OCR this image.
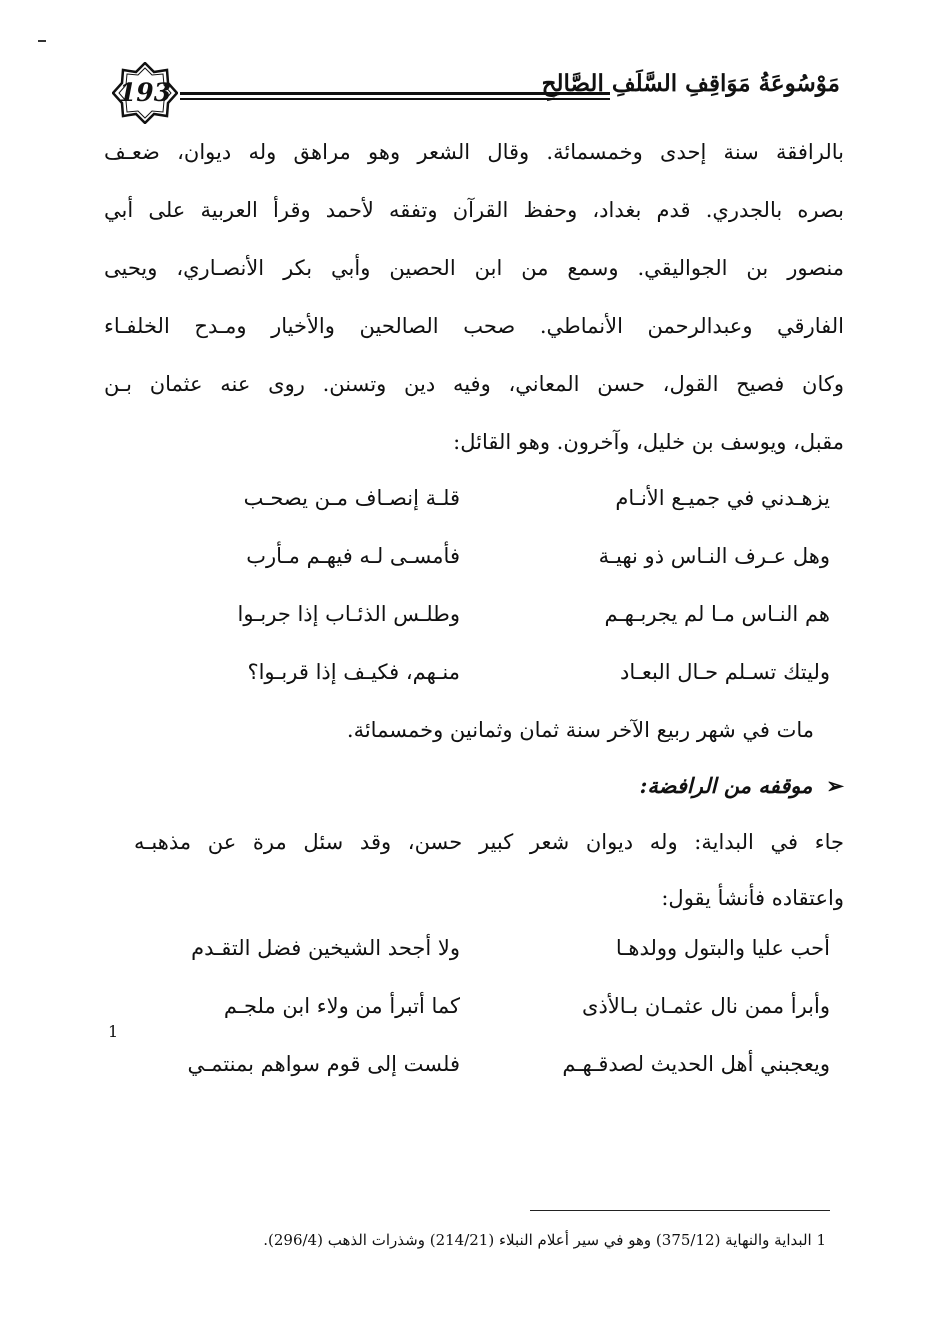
193	مَوْسُوعَةُ مَوَاقِفِ السَّلَفِ الصَّالِحِ
بالرافقة سنة إحدى وخمسمائة. وقال الشعر وهو مراهق وله ديوان، ضعـف
بصره بالجدري. قدم بغداد، وحفظ القرآن وتفقه لأحمد وقرأ العربية على أبي
منصور بن الجواليقي. وسمع من ابن الحصين وأبي بكر الأنصـاري، ويحيى
الفارقي وعبدالرحمن الأنماطي. صحب الصالحين والأخيار ومـدح الخلفـاء
وكان فصيح القول، حسن المعاني، وفيه دين وتسنن. روى عنه عثمان بـن
مقبل، ويوسف بن خليل، وآخرون. وهو القائل:
يزهـدني في جميـع الأنـام
قلـة إنصـاف مـن يصحـب
وهل عـرف النـاس ذو نهيـة
فأمسـى لـه فيهـم مـأرب
هم النـاس مـا لم يجربـهـم
وطلـس الذئـاب إذا جربـوا
وليتك تسـلم حـال البعـاد
منـهم، فكيـف إذا قربـوا؟
مات في شهر ربيع الآخر سنة ثمان وثمانين وخمسمائة.
➢موقفه من الرافضة:
جاء في البداية: وله ديوان شعر كبير حسن، وقد سئل مرة عن مذهبـه
واعتقاده فأنشأ يقول:
أحب عليا والبتول وولدهـا
ولا أجحد الشيخين فضل التقـدم
وأبرأ ممن نال عثمـان بـالأذى
كما أتبرأ من ولاء ابن ملجـم
ويعجبني أهل الحديث لصدقـهـم
فلست إلى قوم سواهم بمنتمـي
1
1 البداية والنهاية (375/12) وهو في سير أعلام النبلاء (214/21) وشذرات الذهب (296/4).
